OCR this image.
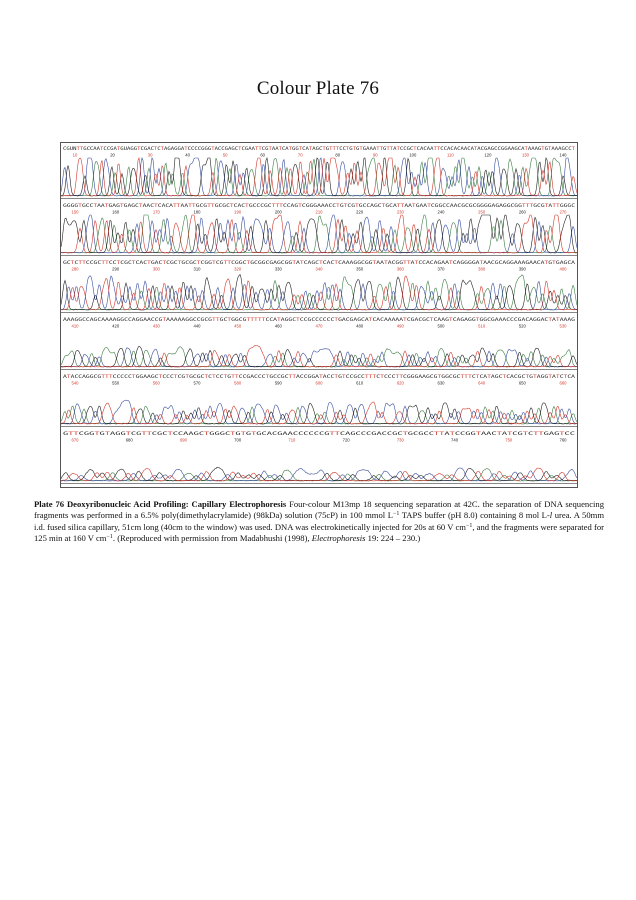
Colour Plate 76
CGUNTTGCCAATCCGATGUAGGTCGACTCTAGAGGATCCCCGGGTACCGAGCTCGAATTCGTAATCATGGTCATAGCTGTTTCCTGTGTGAAATTGTTATCCGCTCACAATTCCACACAACATACGAGCCGGAAGCATAAAGTGTAAAGCCT
10	20	30	40	50	60	70	80	90	100	110	120	130	140
GGGGTGCCTAATGAGTGAGCTAACTCACATTAATTGCGTTGCGCTCACTGCCCGCTTTCCAGTCGGGAAACCTGTCGTGCCAGCTGCATTAATGAATCGGCCAACGCGCGGGGAGAGGCGGTTTGCGTATTGGGC
150	160	170	180	190	200	210	220	230	240	250	260	270
GCTCTTCCGCTTCCTCGCTCACTGACTCGCTGCGCTCGGTCGTTCGGCTGCGGCGAGCGGTATCAGCTCACTCAAAGGCGGTAATACGGTTATCCACAGAATCAGGGGATAACGCAGGAAAGAACATGTGAGCA
280	290	300	310	320	330	340	350	360	370	380	390	400
AAAGGCCAGCAAAAGGCCAGGAACCGTAAAAAGGCCGCGTTGCTGGCGTTTTTCCATAGGCTCCGCCCCCCTGACGAGCATCACAAAAATCGACGCTCAAGTCAGAGGTGGCGAAACCCGACAGGACTATAAAG
410	420	430	440	450	460	470	480	490	500	510	520	530
ATACCAGGCGTTTCCCCCTGGAAGCTCCCTCGTGCGCTCTCCTGTTCCGACCCTGCCGCTTACCGGATACCTGTCCGCCTTTCTCCCTTCGGGAAGCGTGGCGCTTTCTCATAGCTCACGCTGTAGGTATCTCA
540	550	560	570	580	590	600	610	620	630	640	650	660
G T T C G G T G T A G G T C G T T C G C T C C A A G C T G G G C T G T G T G C A C G A A C C C C C C G T T C A G C C C G A C C G C T G C G C C T T A T C C G G T A A C T A T C G T C T T G A G T C C
670	680	690	700	710	720	730	740	750	760
Plate 76 Deoxyribonucleic Acid Profiling: Capillary Electrophoresis Four-colour M13mp 18 sequencing separation at 42C. the separation of DNA sequencing fragments was performed in a 6.5% poly(dimethylacrylamide) (98kDa) solution (75cP) in 100 mmol $L^{-1}$ TAPS buffer (pH 8.0) containing 8 mol L-l urea. A 50mm i.d. fused silica capillary, 51cm long (40cm to the window) was used. DNA was electrokinetically injected for 20s at 60 V $cm^{-1}$, and the fragments were separated for 125 min at 160 V $cm^{-1}$. (Reproduced with permission from Madabhushi (1998), Electrophoresis 19: 224 – 230.)
